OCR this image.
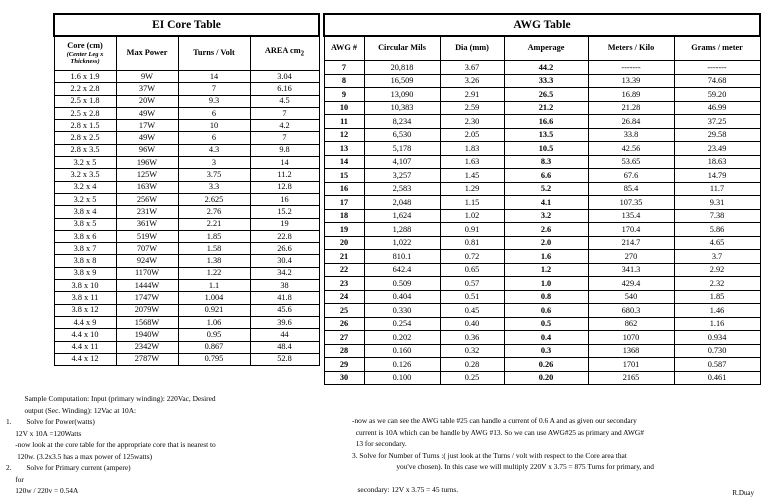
EI Core Table			
Core (cm)
(Center Leg x Thickness)	Max Power	Turns / Volt	AREA $cm_2$
1.6 x 1.9	9W	14	3.04
2.2 x 2.8	37W	7	6.16
2.5 x 1.8	20W	9.3	4.5
2.5 x 2.8	49W	6	7
2.8 x 1.5	17W	10	4.2
2.8 x 2.5	49W	6	7
2.8 x 3.5	96W	4.3	9.8
3.2 x 5	196W	3	14
3.2 x 3.5	125W	3.75	11.2
3.2 x 4	163W	3.3	12.8
3.2 x 5	256W	2.625	16
3.8 x 4	231W	2.76	15.2
3.8 x 5	361W	2.21	19
3.8 x 6	519W	1.85	22.8
3.8 x 7	707W	1.58	26.6
3.8 x 8	924W	1.38	30.4
3.8 x 9	1170W	1.22	34.2
3.8 x 10	1444W	1.1	38
3.8 x 11	1747W	1.004	41.8
3.8 x 12	2079W	0.921	45.6
4.4 x 9	1568W	1.06	39.6
4.4 x 10	1940W	0.95	44
4.4 x 11	2342W	0.867	48.4
4.4 x 12	2787W	0.795	52.8
AWG Table					
AWG #	Circular Mils	Dia (mm)	Amperage	Meters / Kilo	Grams / meter
7	20,818	3.67	44.2	-------	-------
8	16,509	3.26	33.3	13.39	74.68
9	13,090	2.91	26.5	16.89	59.20
10	10,383	2.59	21.2	21.28	46.99
11	8,234	2.30	16.6	26.84	37.25
12	6,530	2.05	13.5	33.8	29.58
13	5,178	1.83	10.5	42.56	23.49
14	4,107	1.63	8.3	53.65	18.63
15	3,257	1.45	6.6	67.6	14.79
16	2,583	1.29	5.2	85.4	11.7
17	2,048	1.15	4.1	107.35	9.31
18	1,624	1.02	3.2	135.4	7.38
19	1,288	0.91	2.6	170.4	5.86
20	1,022	0.81	2.0	214.7	4.65
21	810.1	0.72	1.6	270	3.7
22	642.4	0.65	1.2	341.3	2.92
23	0.509	0.57	1.0	429.4	2.32
24	0.404	0.51	0.8	540	1.85
25	0.330	0.45	0.6	680.3	1.46
26	0.254	0.40	0.5	862	1.16
27	0.202	0.36	0.4	1070	0.934
28	0.160	0.32	0.3	1368	0.730
29	0.126	0.28	0.26	1701	0.587
30	0.100	0.25	0.20	2165	0.461
Sample Computation: Input (primary winding): 220Vac, Desired
output (Sec. Winding): 12Vac at 10A:
1.        Solve for Power(watts)
12V x 10A =120Watts
-now look at the core table for the appropriate core that is nearest to
120w. (3.2x3.5 has a max power of 125watts)
2.        Solve for Primary current (ampere)
for
120w / 220v = 0.54A
-now as we can see the AWG table #25 can handle a current of 0.6 A and as given our secondary
current is 10A which can be handle by AWG #13. So we can use AWG#25 as primary and AWG#
13 for secondary.
3. Solve for Number of Turns :( just look at the Turns / volt with respect to the Core area that
you've chosen). In this case we will multiply 220V x 3.75 = 875 Turns for primary, and

secondary: 12V x 3.75 = 45 turns.	R.Duay
